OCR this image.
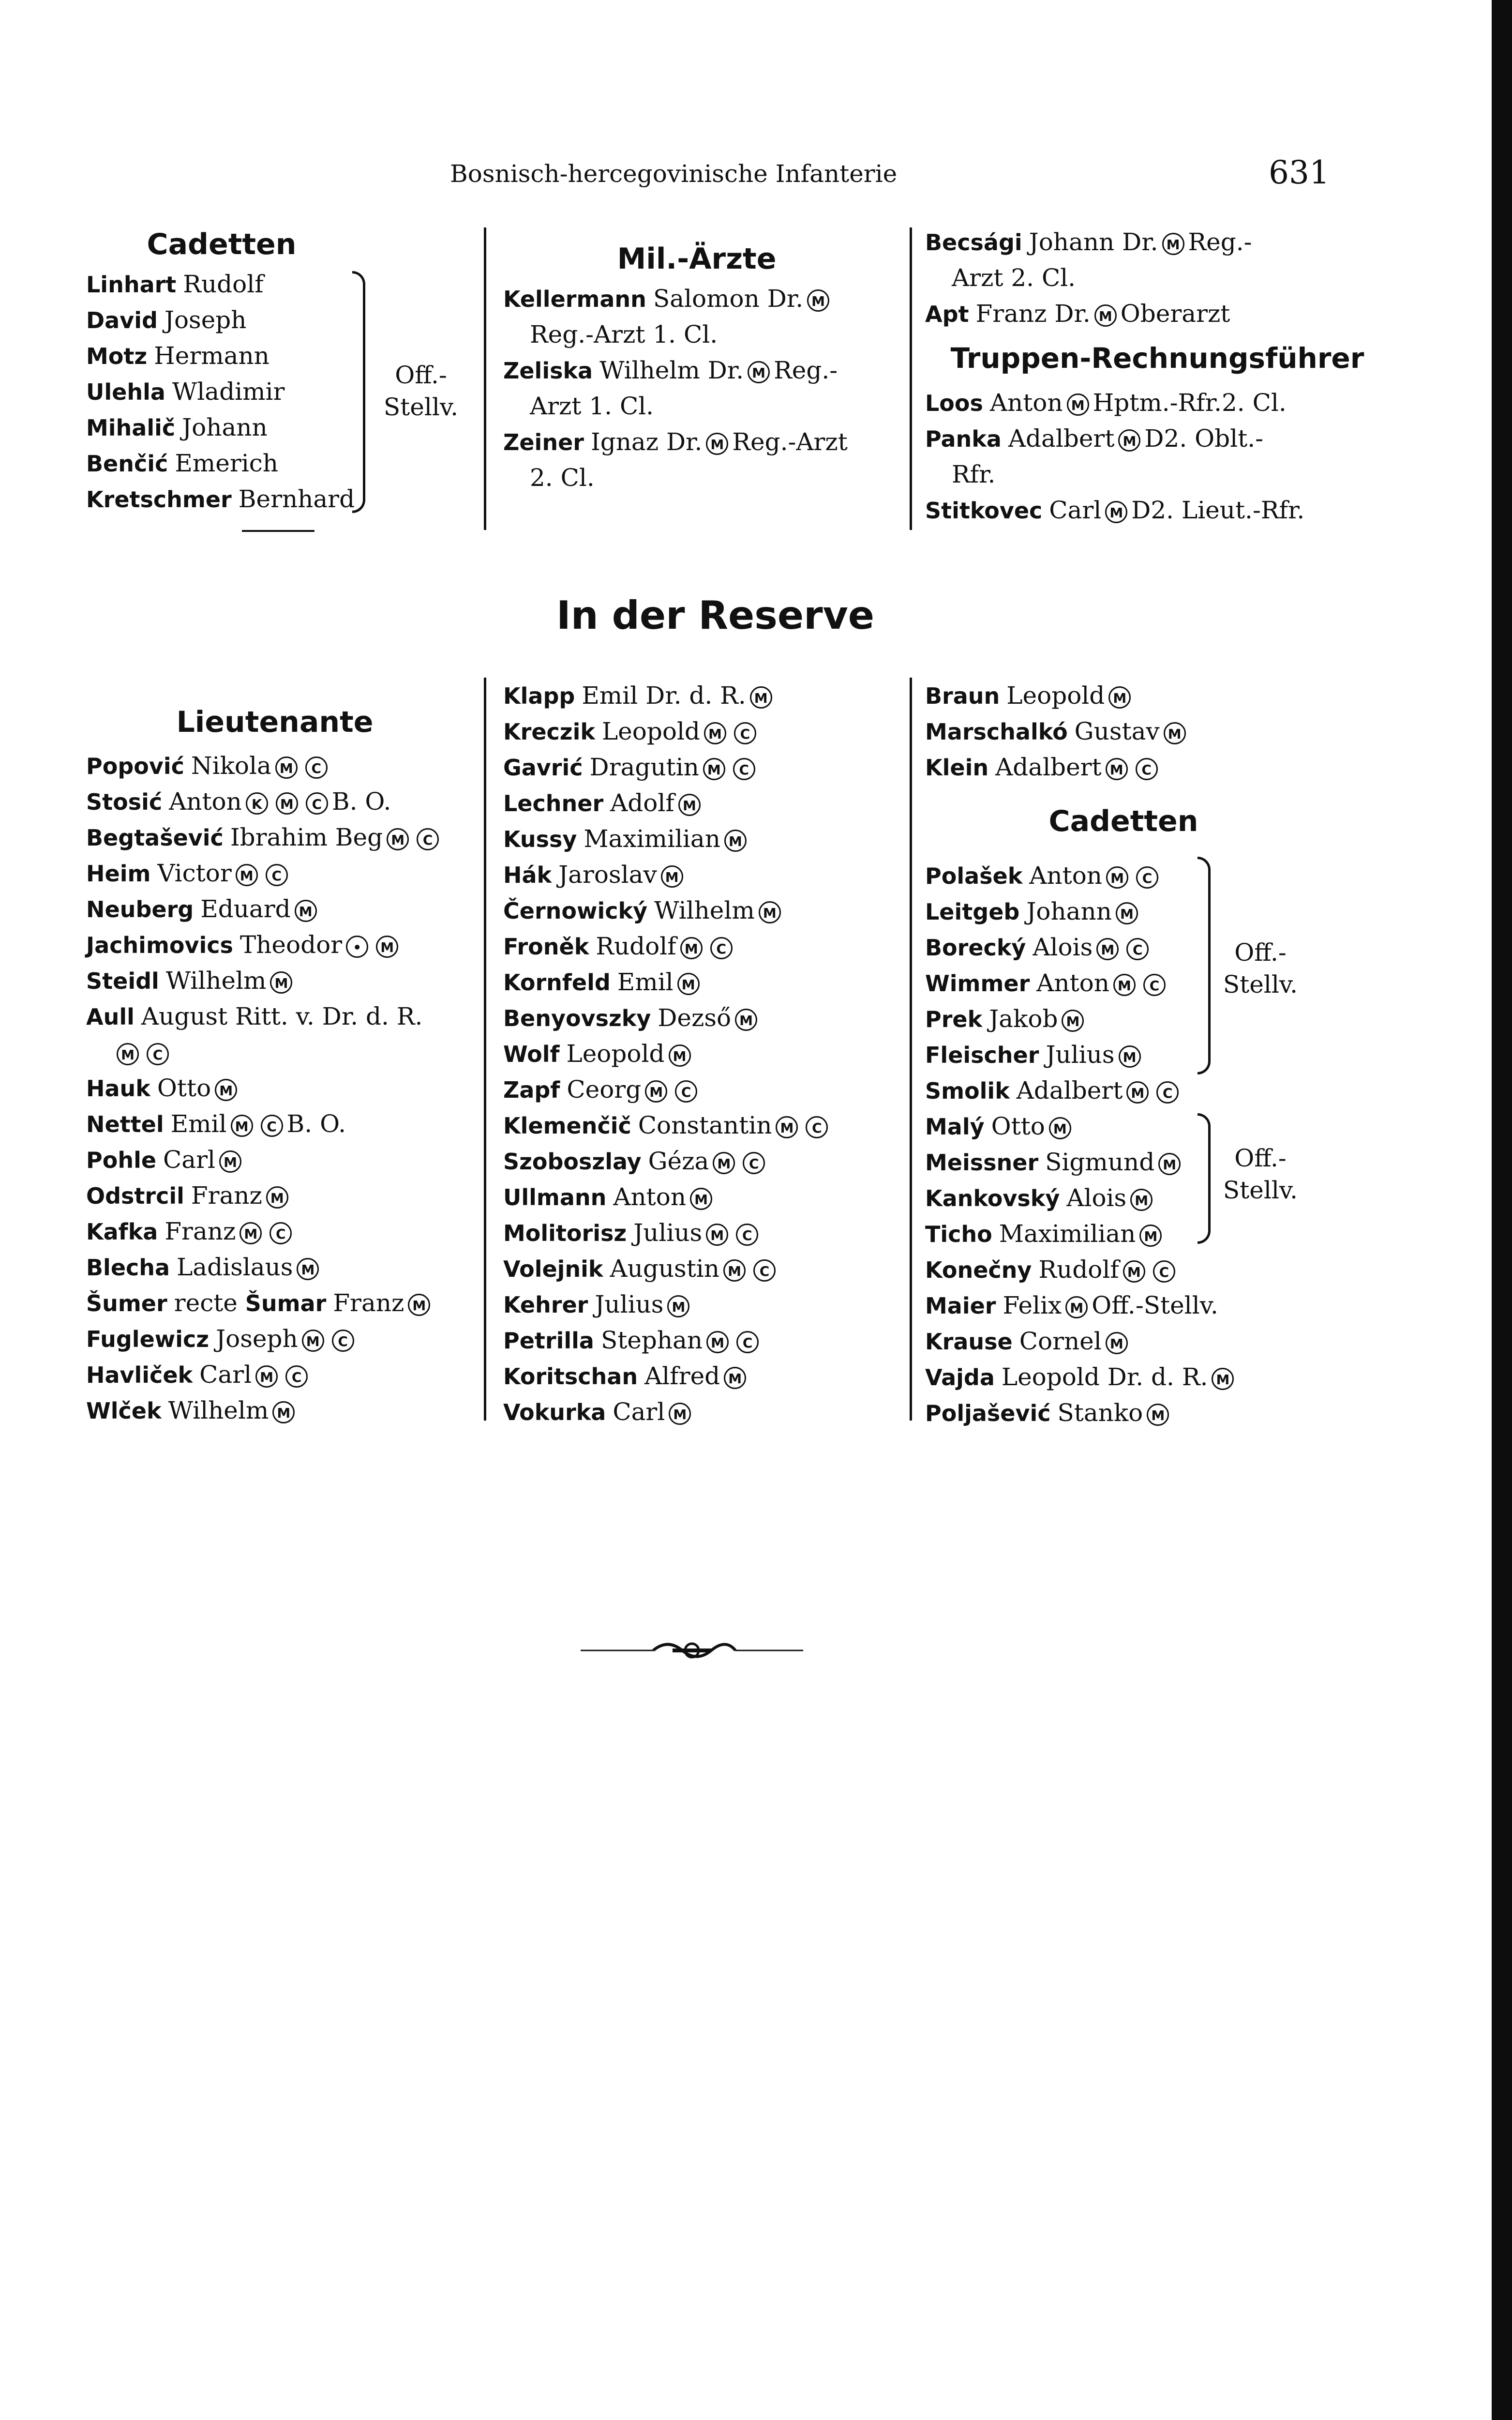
Bosnisch-hercegovinische Infanterie	631
Cadetten
Linhart Rudolf
David Joseph
Motz Hermann
Ulehla Wladimir
Mihalič Johann
Benčić Emerich
Kretschmer Bernhard
Off.-
Stellv.
Mil.-Ärzte
Kellermann Salomon Dr. M
Reg.-Arzt 1. Cl.
Zeliska Wilhelm Dr. M Reg.-
Arzt 1. Cl.
Zeiner Ignaz Dr. M Reg.-Arzt
2. Cl.
Becsági Johann Dr. M Reg.-
Arzt 2. Cl.
Apt Franz Dr. M Oberarzt
Truppen-Rechnungsführer
Loos Anton M Hptm.-Rfr.2. Cl.
Panka Adalbert M D2. Oblt.-
Rfr.
Stitkovec Carl M D2. Lieut.-Rfr.
In der Reserve
Lieutenante
Popović Nikola M C
Stosić Anton K M C B. O.
Begtašević Ibrahim Beg M C
Heim Victor M C
Neuberg Eduard M
Jachimovics Theodor • M
Steidl Wilhelm M
Aull August Ritt. v. Dr. d. R.
M C
Hauk Otto M
Nettel Emil M C B. O.
Pohle Carl M
Odstrcil Franz M
Kafka Franz M C
Blecha Ladislaus M
Šumer recte Šumar Franz M
Fuglewicz Joseph M C
Havliček Carl M C
Wlček Wilhelm M
Klapp Emil Dr. d. R. M
Kreczik Leopold M C
Gavrić Dragutin M C
Lechner Adolf M
Kussy Maximilian M
Hák Jaroslav M
Černowický Wilhelm M
Froněk Rudolf M C
Kornfeld Emil M
Benyovszky Dezső M
Wolf Leopold M
Zapf Ceorg M C
Klemenčič Constantin M C
Szoboszlay Géza M C
Ullmann Anton M
Molitorisz Julius M C
Volejnik Augustin M C
Kehrer Julius M
Petrilla Stephan M C
Koritschan Alfred M
Vokurka Carl M
Braun Leopold M
Marschalkó Gustav M
Klein Adalbert M C
Cadetten
Polašek Anton M C
Leitgeb Johann M
Borecký Alois M C
Wimmer Anton M C
Prek Jakob M
Fleischer Julius M
Smolik Adalbert M C
Malý Otto M
Meissner Sigmund M
Kankovský Alois M
Ticho Maximilian M
Konečny Rudolf M C
Maier Felix M Off.-Stellv.
Krause Cornel M
Vajda Leopold Dr. d. R. M
Poljašević Stanko M
Off.-
Stellv.
Off.-
Stellv.
